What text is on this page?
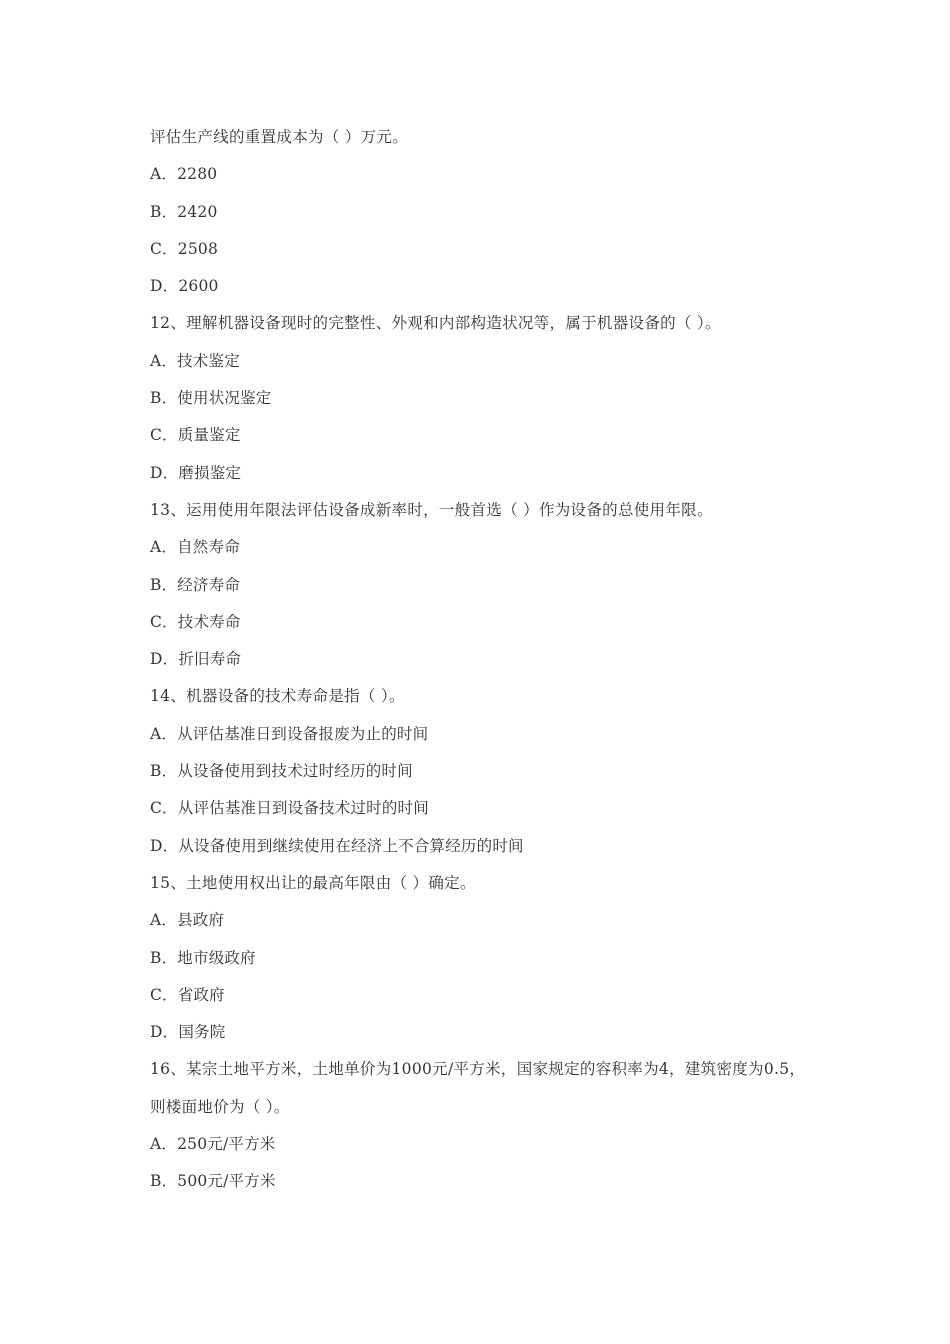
评估生产线的重置成本为（ ）万元。
A．2280
B．2420
C．2508
D．2600
12、理解机器设备现时的完整性、外观和内部构造状况等，属于机器设备的（ ）。
A．技术鉴定
B．使用状况鉴定
C．质量鉴定
D．磨损鉴定
13、运用使用年限法评估设备成新率时，一般首选（ ）作为设备的总使用年限。
A．自然寿命
B．经济寿命
C．技术寿命
D．折旧寿命
14、机器设备的技术寿命是指（ ）。
A．从评估基准日到设备报废为止的时间
B．从设备使用到技术过时经历的时间
C．从评估基准日到设备技术过时的时间
D．从设备使用到继续使用在经济上不合算经历的时间
15、土地使用权出让的最高年限由（ ）确定。
A．县政府
B．地市级政府
C．省政府
D．国务院
16、某宗土地平方米，土地单价为1000元/平方米，国家规定的容积率为4，建筑密度为0.5，
则楼面地价为（ ）。
A．250元/平方米
B．500元/平方米
